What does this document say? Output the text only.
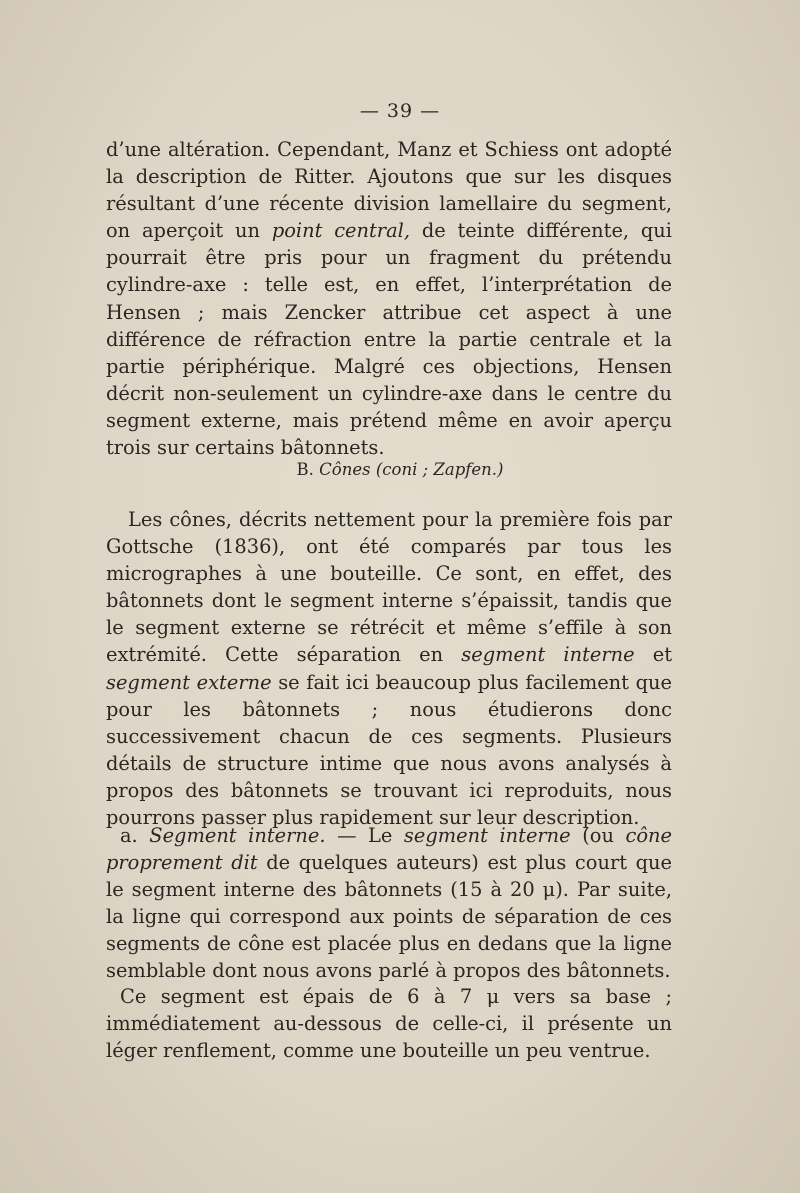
— 39 —

d’une altération. Cependant, Manz et Schiess ont adopté la description de Ritter. Ajoutons que sur les disques résultant d’une récente division lamellaire du segment, on aperçoit un point central, de teinte différente, qui pourrait être pris pour un fragment du prétendu cylindre-axe : telle est, en effet, l’interprétation de Hensen ; mais Zencker attribue cet aspect à une différence de réfraction entre la partie centrale et la partie périphérique. Malgré ces objections, Hensen décrit non-seulement un cylindre-axe dans le centre du segment externe, mais prétend même en avoir aperçu trois sur certains bâtonnets.

B. Cônes (coni ; Zapfen.)

Les cônes, décrits nettement pour la première fois par Gottsche (1836), ont été comparés par tous les micrographes à une bouteille. Ce sont, en effet, des bâtonnets dont le segment interne s’épaissit, tandis que le segment externe se rétrécit et même s’effile à son extrémité. Cette séparation en segment interne et segment externe se fait ici beaucoup plus facilement que pour les bâtonnets ; nous étudierons donc successivement chacun de ces segments. Plusieurs détails de structure intime que nous avons analysés à propos des bâtonnets se trouvant ici reproduits, nous pourrons passer plus rapidement sur leur description.

a. Segment interne. — Le segment interne (ou cône proprement dit de quelques auteurs) est plus court que le segment interne des bâtonnets (15 à 20 μ). Par suite, la ligne qui correspond aux points de séparation de ces segments de cône est placée plus en dedans que la ligne semblable dont nous avons parlé à propos des bâtonnets.

Ce segment est épais de 6 à 7 μ vers sa base ; immédiatement au-dessous de celle-ci, il présente un léger renflement, comme une bouteille un peu ventrue.
